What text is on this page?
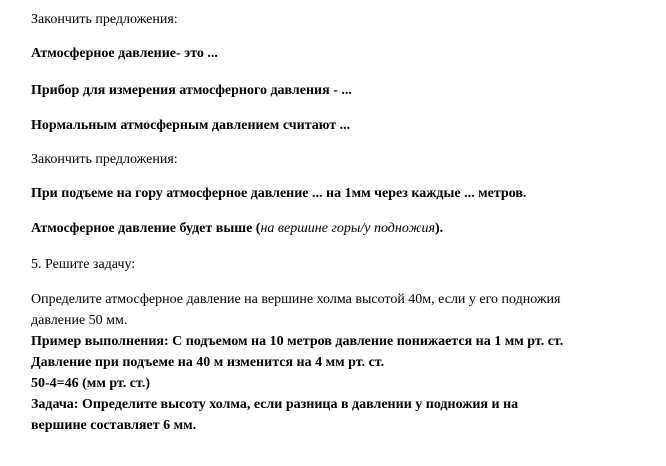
Закончить предложения:
Атмосферное давление- это ...
Прибор для измерения атмосферного давления - ...
Нормальным атмосферным давлением считают ...
Закончить предложения:
При подъеме на гору атмосферное давление ... на 1мм через каждые ... метров.
Атмосферное давление будет выше (на вершине горы/у подножия).
5. Решите задачу:
Определите атмосферное давление на вершине холма высотой 40м, если у его подножия
давление 50 мм.
Пример выполнения: С подъемом на 10 метров давление понижается на 1 мм рт. ст.
Давление при подъеме на 40 м изменится на 4 мм рт. ст.
50-4=46 (мм рт. ст.)
Задача: Определите высоту холма, если разница в давлении у подножия и на
вершине составляет 6 мм.
